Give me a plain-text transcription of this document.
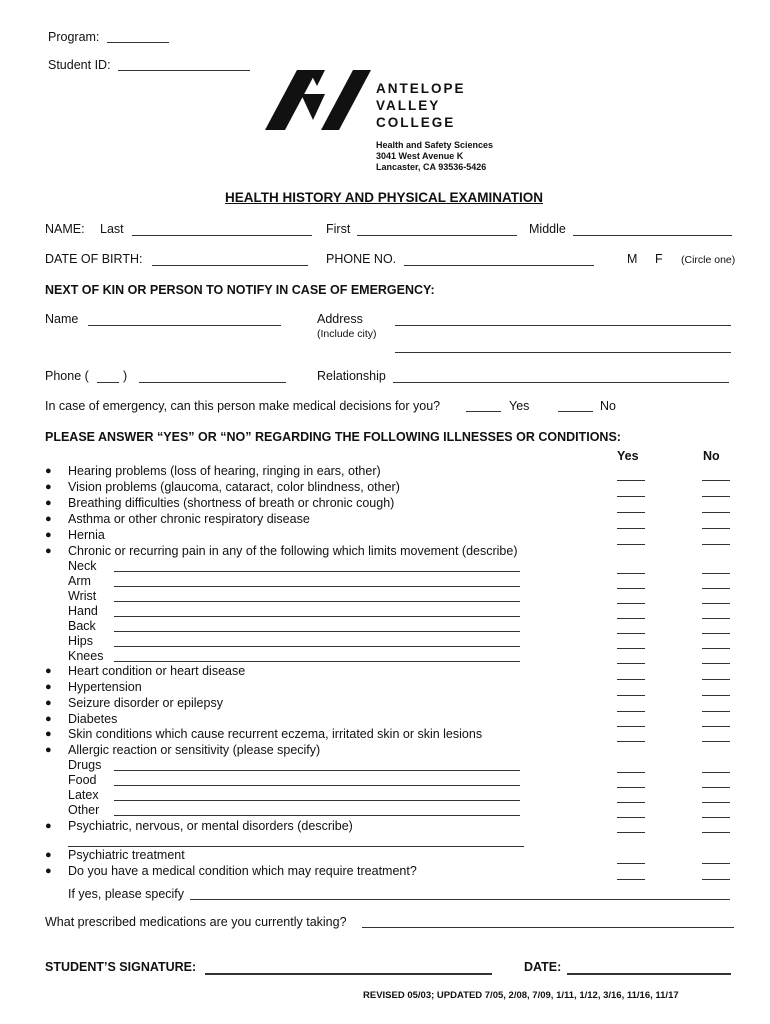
Program:
Student ID:
ANTELOPE
VALLEY
COLLEGE
Health and Safety Sciences
3041 West Avenue K
Lancaster, CA 93536-5426
HEALTH HISTORY AND PHYSICAL EXAMINATION
NAME: Last	First	Middle
DATE OF BIRTH:	PHONE NO.	M F (Circle one)
NEXT OF KIN OR PERSON TO NOTIFY IN CASE OF EMERGENCY:
Name	Address
(Include city)
Phone (	)	Relationship
In case of emergency, can this person make medical decisions for you?	Yes	No
PLEASE ANSWER “YES” OR “NO” REGARDING THE FOLLOWING ILLNESSES OR CONDITIONS:
Yes	No
● Hearing problems (loss of hearing, ringing in ears, other)
● Vision problems (glaucoma, cataract, color blindness, other)
● Breathing difficulties (shortness of breath or chronic cough)
● Asthma or other chronic respiratory disease
● Hernia
● Chronic or recurring pain in any of the following which limits movement (describe)
Neck
Arm
Wrist
Hand
Back
Hips
Knees
● Heart condition or heart disease
● Hypertension
● Seizure disorder or epilepsy
● Diabetes
● Skin conditions which cause recurrent eczema, irritated skin or skin lesions
● Allergic reaction or sensitivity (please specify)
Drugs
Food
Latex
Other
● Psychiatric, nervous, or mental disorders (describe)
● Psychiatric treatment
● Do you have a medical condition which may require treatment?
If yes, please specify
What prescribed medications are you currently taking?
STUDENT’S SIGNATURE:	DATE:
REVISED 05/03; UPDATED 7/05, 2/08, 7/09, 1/11, 1/12, 3/16, 11/16, 11/17
